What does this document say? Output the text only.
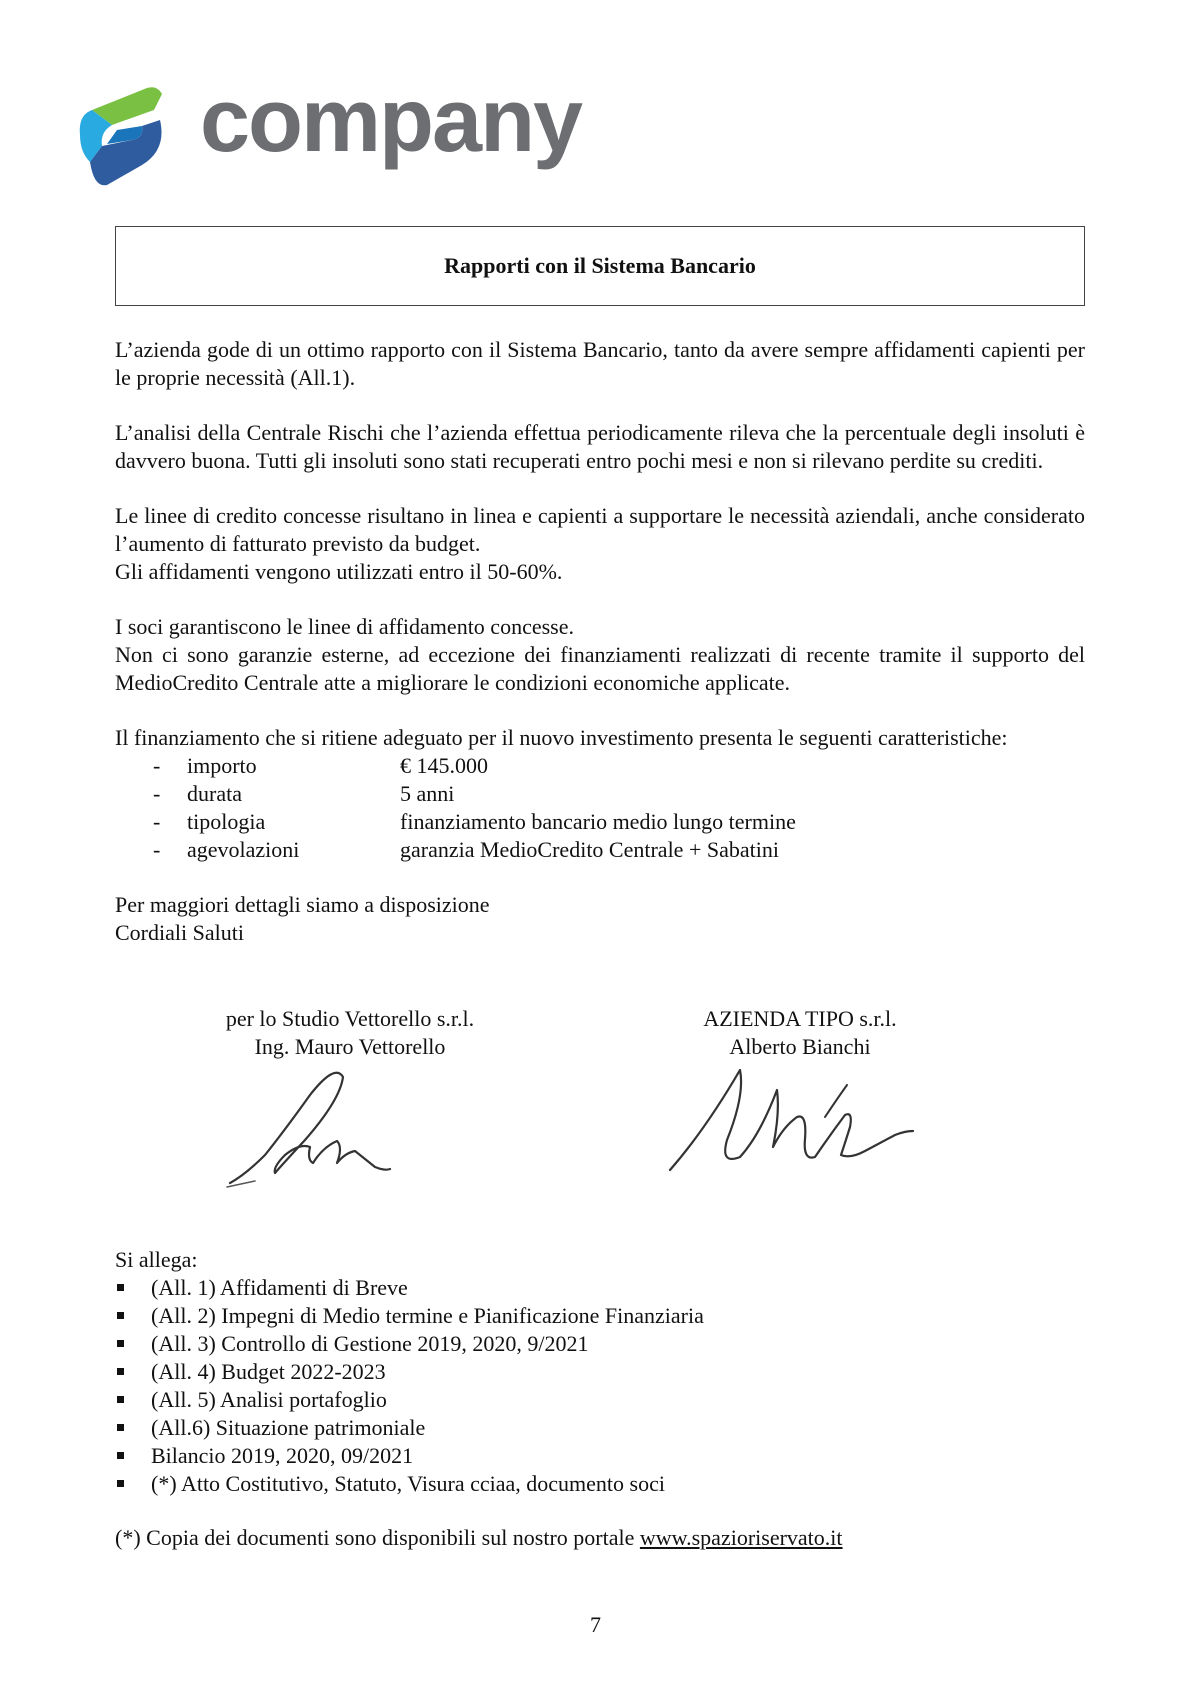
company
Rapporti con il Sistema Bancario

L’azienda gode di un ottimo rapporto con il Sistema Bancario, tanto da avere sempre affidamenti capienti per le proprie necessità (All.1).

L’analisi della Centrale Rischi che l’azienda effettua periodicamente rileva che la percentuale degli insoluti è davvero buona. Tutti gli insoluti sono stati recuperati entro pochi mesi e non si rilevano perdite su crediti.

Le linee di credito concesse risultano in linea e capienti a supportare le necessità aziendali, anche considerato l’aumento di fatturato previsto da budget.
Gli affidamenti vengono utilizzati entro il 50-60%.
I soci garantiscono le linee di affidamento concesse.
Non ci sono garanzie esterne, ad eccezione dei finanziamenti realizzati di recente tramite il supporto del MedioCredito Centrale atte a migliorare le condizioni economiche applicate.
Il finanziamento che si ritiene adeguato per il nuovo investimento presenta le seguenti caratteristiche:
-	importo	€ 145.000
-	durata	5 anni
-	tipologia	finanziamento bancario medio lungo termine
-	agevolazioni	garanzia MedioCredito Centrale + Sabatini
Per maggiori dettagli siamo a disposizione
Cordiali Saluti
per lo Studio Vettorello s.r.l.
Ing. Mauro Vettorello
AZIENDA TIPO s.r.l.
Alberto Bianchi
Si allega:
(All. 1) Affidamenti di Breve
(All. 2) Impegni di Medio termine e Pianificazione Finanziaria
(All. 3) Controllo di Gestione 2019, 2020, 9/2021
(All. 4) Budget 2022-2023
(All. 5) Analisi portafoglio
(All.6) Situazione patrimoniale
Bilancio 2019, 2020, 09/2021
(*) Atto Costitutivo, Statuto, Visura cciaa, documento soci
(*) Copia dei documenti sono disponibili sul nostro portale www.spazioriservato.it
7
